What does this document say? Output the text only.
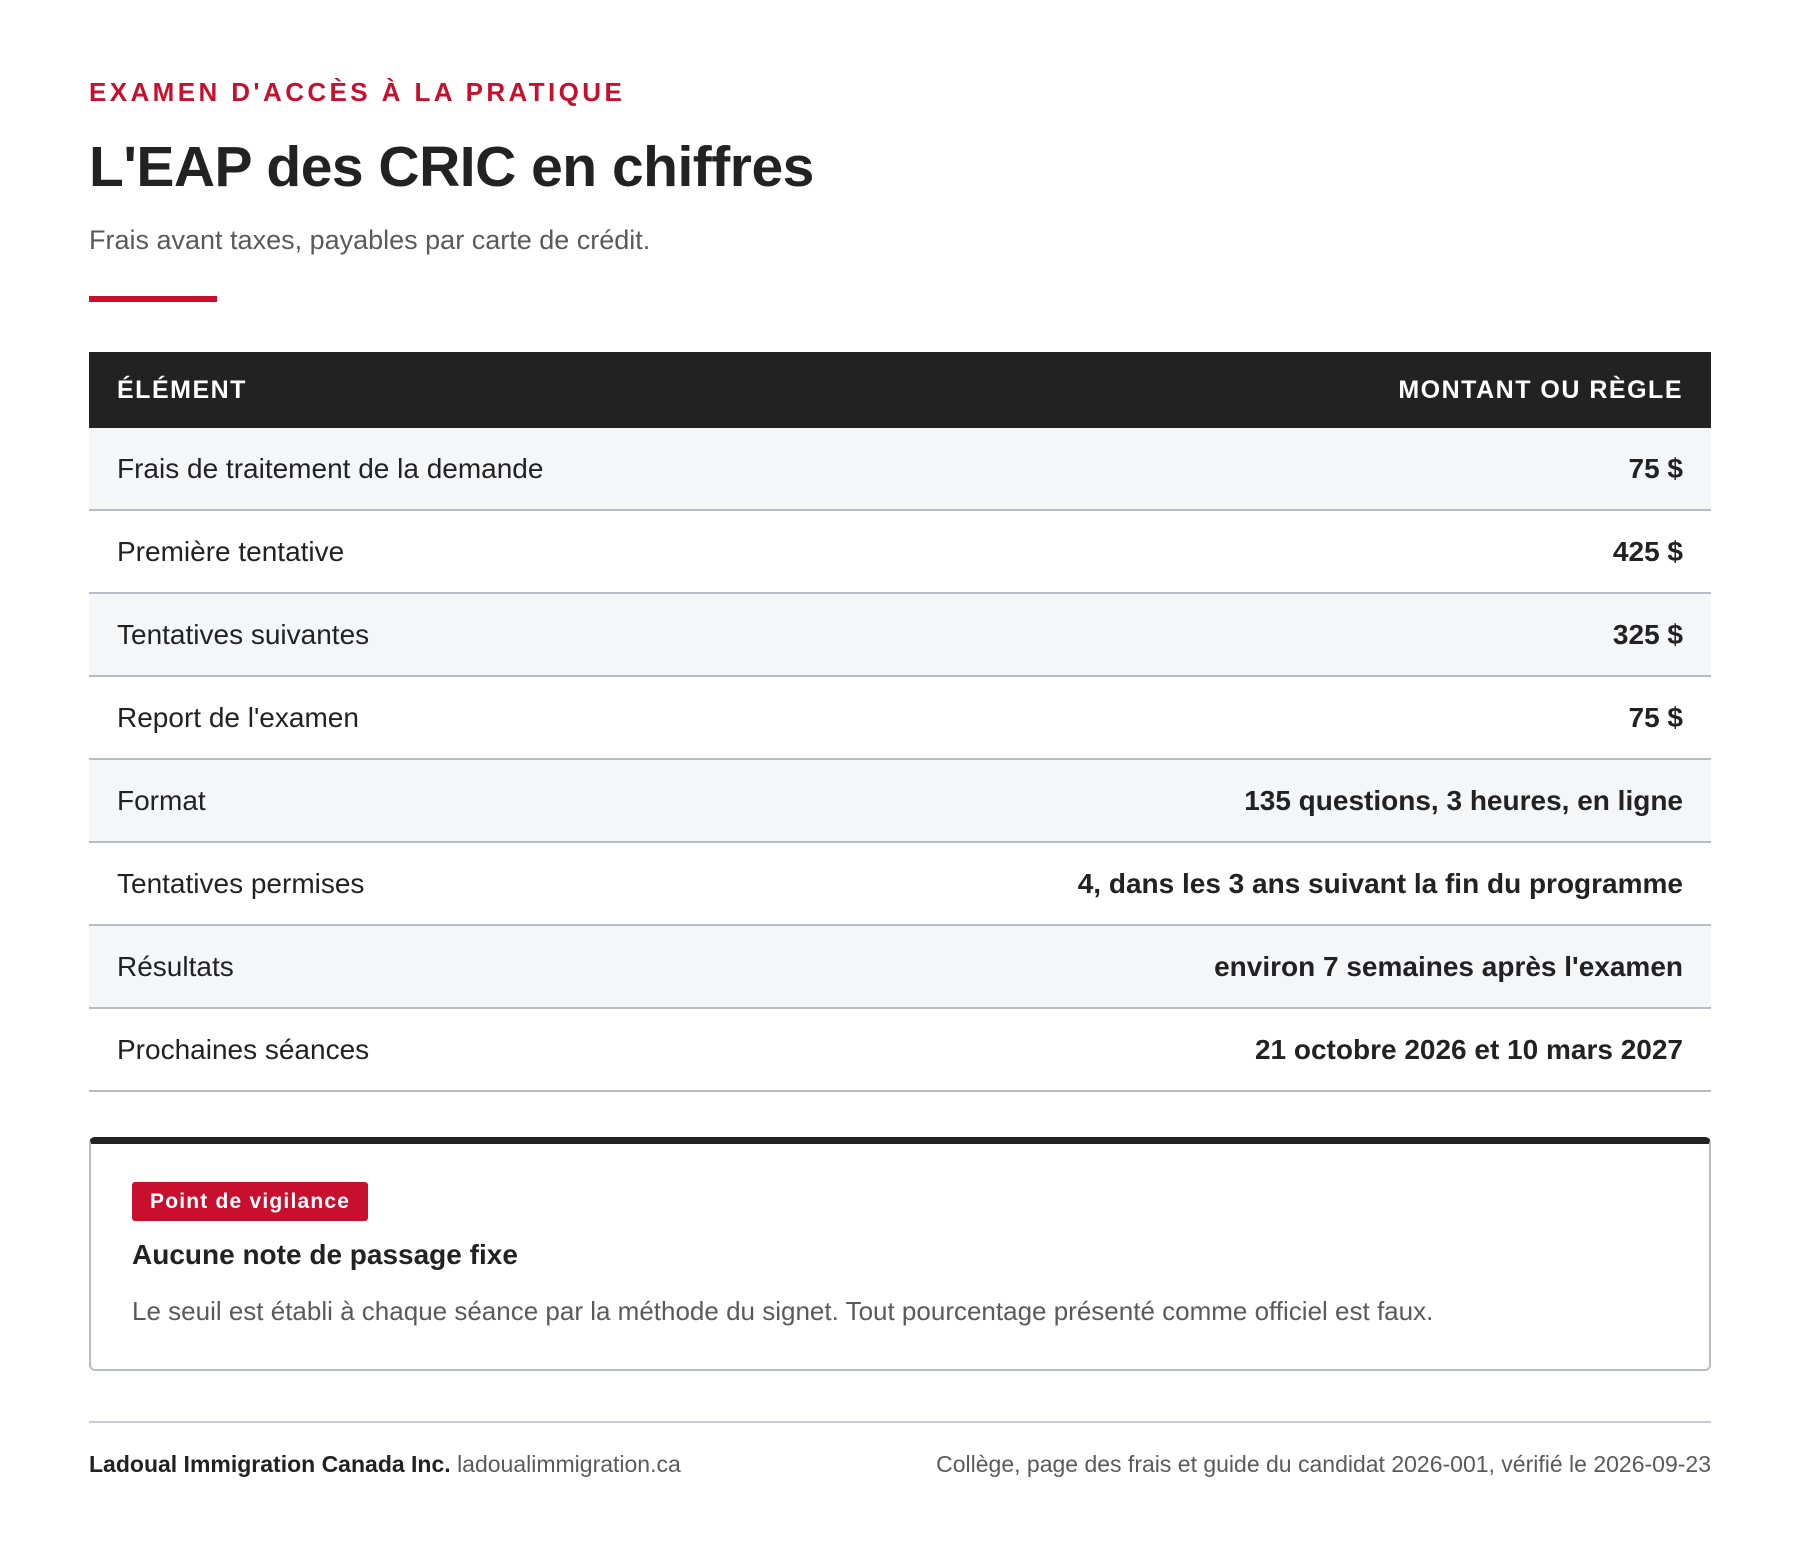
EXAMEN D'ACCÈS À LA PRATIQUE
L'EAP des CRIC en chiffres
Frais avant taxes, payables par carte de crédit.
ÉLÉMENT	MONTANT OU RÈGLE
Frais de traitement de la demande	75 $
Première tentative	425 $
Tentatives suivantes	325 $
Report de l'examen	75 $
Format	135 questions, 3 heures, en ligne
Tentatives permises	4, dans les 3 ans suivant la fin du programme
Résultats	environ 7 semaines après l'examen
Prochaines séances	21 octobre 2026 et 10 mars 2027
Point de vigilance
Aucune note de passage fixe
Le seuil est établi à chaque séance par la méthode du signet. Tout pourcentage présenté comme officiel est faux.
Ladoual Immigration Canada Inc. ladoualimmigration.ca	Collège, page des frais et guide du candidat 2026-001, vérifié le 2026-09-23
